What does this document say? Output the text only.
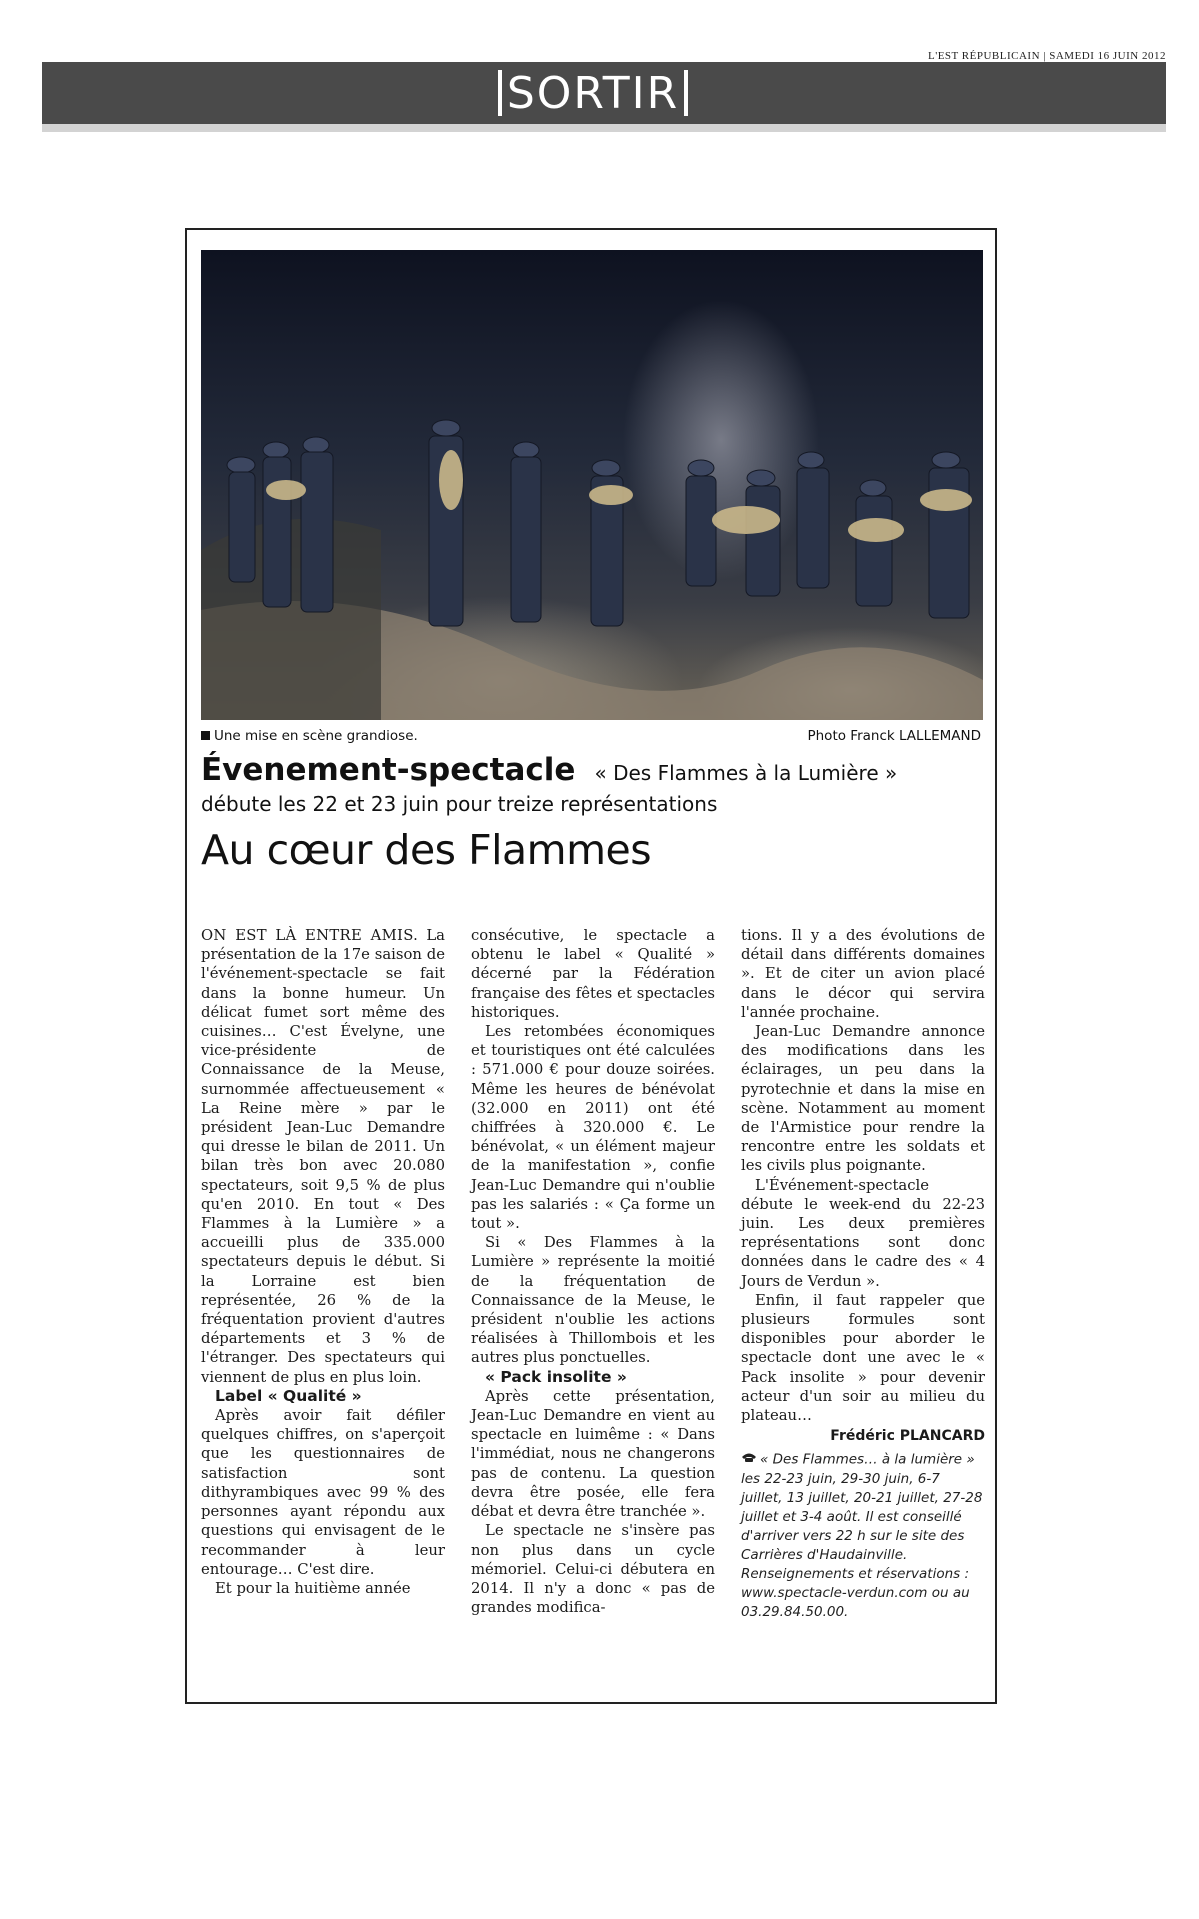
L'EST RÉPUBLICAIN | SAMEDI 16 JUIN 2012
SORTIR
Une mise en scène grandiose.	Photo Franck LALLEMAND
Évenement-spectacle « Des Flammes à la Lumière »
débute les 22 et 23 juin pour treize représentations
Au cœur des Flammes

ON EST LÀ ENTRE AMIS. La présentation de la 17e saison de l'événement-spectacle se fait dans la bonne humeur. Un délicat fumet sort même des cuisines… C'est Évelyne, une vice-présidente de Connaissance de la Meuse, surnommée affectueusement « La Reine mère » par le président Jean-Luc Demandre qui dresse le bilan de 2011. Un bilan très bon avec 20.080 spectateurs, soit 9,5 % de plus qu'en 2010. En tout « Des Flammes à la Lumière » a accueilli plus de 335.000 spectateurs depuis le début. Si la Lorraine est bien représentée, 26 % de la fréquentation provient d'autres départements et 3 % de l'étranger. Des spectateurs qui viennent de plus en plus loin.

Label « Qualité »

Après avoir fait défiler quelques chiffres, on s'aperçoit que les questionnaires de satisfaction sont dithyrambiques avec 99 % des personnes ayant répondu aux questions qui envisagent de le recommander à leur entourage… C'est dire.

Et pour la huitième année

consécutive, le spectacle a obtenu le label « Qualité » décerné par la Fédération française des fêtes et spectacles historiques.

Les retombées économiques et touristiques ont été calculées : 571.000 € pour douze soirées. Même les heures de bénévolat (32.000 en 2011) ont été chiffrées à 320.000 €. Le bénévolat, « un élément majeur de la manifestation », confie Jean-Luc Demandre qui n'oublie pas les salariés : « Ça forme un tout ».

Si « Des Flammes à la Lumière » représente la moitié de la fréquentation de Connaissance de la Meuse, le président n'oublie les actions réalisées à Thillombois et les autres plus ponctuelles.

« Pack insolite »

Après cette présentation, Jean-Luc Demandre en vient au spectacle en luimême : « Dans l'immédiat, nous ne changerons pas de contenu. La question devra être posée, elle fera débat et devra être tranchée ».

Le spectacle ne s'insère pas non plus dans un cycle mémoriel. Celui-ci débutera en 2014. Il n'y a donc « pas de grandes modifica-

tions. Il y a des évolutions de détail dans différents domaines ». Et de citer un avion placé dans le décor qui servira l'année prochaine.

Jean-Luc Demandre annonce des modifications dans les éclairages, un peu dans la pyrotechnie et dans la mise en scène. Notamment au moment de l'Armistice pour rendre la rencontre entre les soldats et les civils plus poignante.

L'Événement-spectacle débute le week-end du 22-23 juin. Les deux premières représentations sont donc données dans le cadre des « 4 Jours de Verdun ».

Enfin, il faut rappeler que plusieurs formules sont disponibles pour aborder le spectacle dont une avec le « Pack insolite » pour devenir acteur d'un soir au milieu du plateau…

Frédéric PLANCARD
« Des Flammes… à la lumière » les 22-23 juin, 29-30 juin, 6-7 juillet, 13 juillet, 20-21 juillet, 27-28 juillet et 3-4 août. Il est conseillé d'arriver vers 22 h sur le site des Carrières d'Haudainville. Renseignements et réservations : www.spectacle-verdun.com ou au 03.29.84.50.00.
